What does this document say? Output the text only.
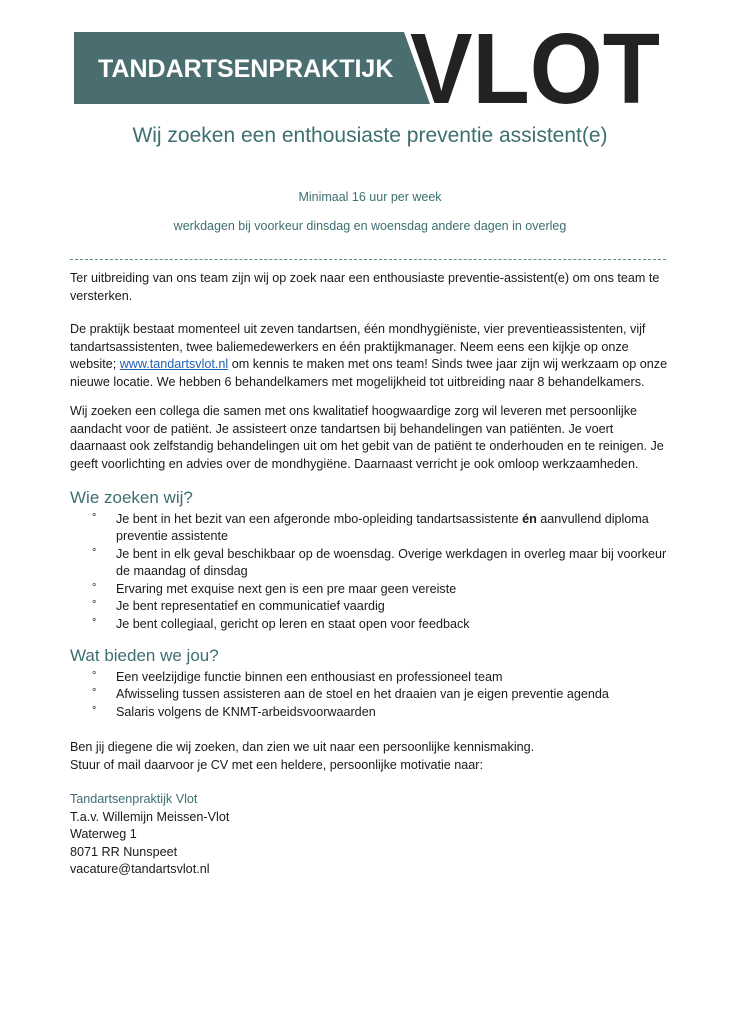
TANDARTSENPRAKTIJK VLOT
Wij zoeken een enthousiaste preventie assistent(e)
Minimaal 16 uur per week
werkdagen bij voorkeur dinsdag en woensdag andere dagen in overleg

Ter uitbreiding van ons team zijn wij op zoek naar een enthousiaste preventie-assistent(e) om ons team te versterken.

De praktijk bestaat momenteel uit zeven tandartsen, één mondhygiëniste, vier preventieassistenten, vijf tandartsassistenten, twee baliemedewerkers en één praktijkmanager. Neem eens een kijkje op onze website; www.tandartsvlot.nl om kennis te maken met ons team! Sinds twee jaar zijn wij werkzaam op onze nieuwe locatie. We hebben 6 behandelkamers met mogelijkheid tot uitbreiding naar 8 behandelkamers.

Wij zoeken een collega die samen met ons kwalitatief hoogwaardige zorg wil leveren met persoonlijke aandacht voor de patiënt. Je assisteert onze tandartsen bij behandelingen van patiënten. Je voert daarnaast ook zelfstandig behandelingen uit om het gebit van de patiënt te onderhouden en te reinigen. Je geeft voorlichting en advies over de mondhygiëne. Daarnaast verricht je ook omloop werkzaamheden.

Wie zoeken wij?
° Je bent in het bezit van een afgeronde mbo-opleiding tandartsassistente én aanvullend diploma preventie assistente
° Je bent in elk geval beschikbaar op de woensdag. Overige werkdagen in overleg maar bij voorkeur de maandag of dinsdag
° Ervaring met exquise next gen is een pre maar geen vereiste
° Je bent representatief en communicatief vaardig
° Je bent collegiaal, gericht op leren en staat open voor feedback
Wat bieden we jou?
° Een veelzijdige functie binnen een enthousiast en professioneel team
° Afwisseling tussen assisteren aan de stoel en het draaien van je eigen preventie agenda
° Salaris volgens de KNMT-arbeidsvoorwaarden

Ben jij diegene die wij zoeken, dan zien we uit naar een persoonlijke kennismaking.

Stuur of mail daarvoor je CV met een heldere, persoonlijke motivatie naar:

Tandartsenpraktijk Vlot
T.a.v. Willemijn Meissen-Vlot
Waterweg 1
8071 RR Nunspeet
vacature@tandartsvlot.nl
